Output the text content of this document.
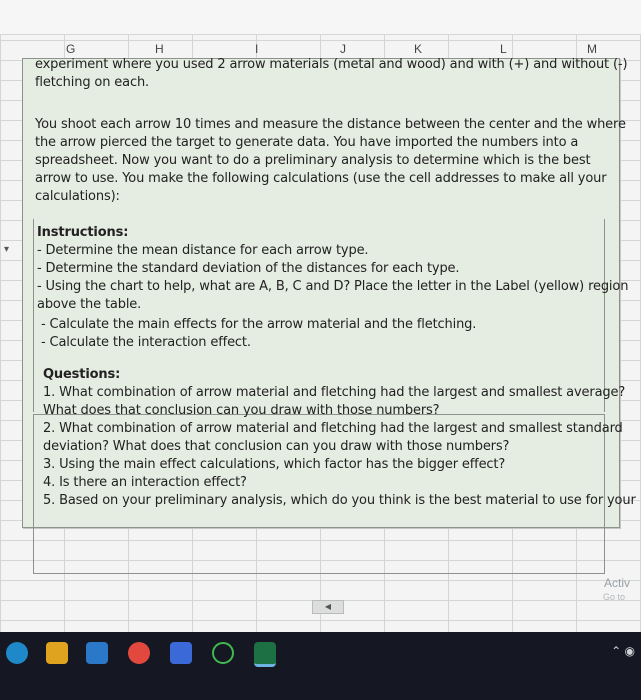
G	H	I	J	K	L	M
experiment where you used 2 arrow materials (metal and wood) and with (+) and without (-)
fletching on each.
You shoot each arrow 10 times and measure the distance between the center and the where
the arrow pierced the target to generate data. You have imported the numbers into a
spreadsheet. Now you want to do a preliminary analysis to determine which is the best
arrow to use. You make the following calculations (use the cell addresses to make all your
calculations):
Instructions:
- Determine the mean distance for each arrow type.
- Determine the standard deviation of the distances for each type.
- Using the chart to help, what are A, B, C and D? Place the letter in the Label (yellow) region
above the table.
- Calculate the main effects for the arrow material and the fletching.
- Calculate the interaction effect.
Questions:
1. What combination of arrow material and fletching had the largest and smallest average?
What does that conclusion can you draw with those numbers?
2. What combination of arrow material and fletching had the largest and smallest standard
deviation? What does that conclusion can you draw with those numbers?
3. Using the main effect calculations, which factor has the bigger effect?
4. Is there an interaction effect?
5. Based on your preliminary analysis, which do you think is the best material to use for your
▾
◀
Activ
Go to
⌃ ◉
